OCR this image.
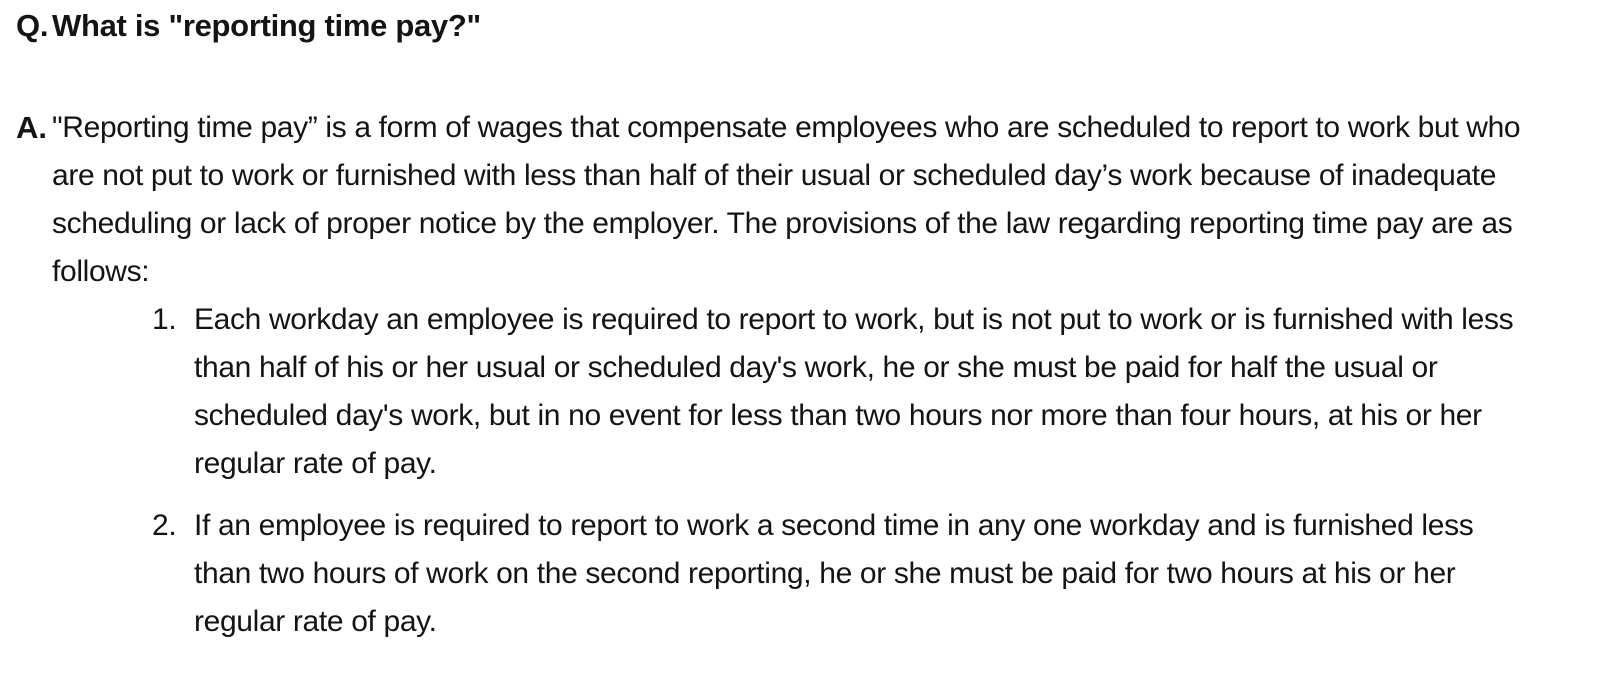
Q. What is "reporting time pay?"
A. "Reporting time pay” is a form of wages that compensate employees who are scheduled to report to work but who are not put to work or furnished with less than half of their usual or scheduled day’s work because of inadequate scheduling or lack of proper notice by the employer. The provisions of the law regarding reporting time pay are as follows:
1. Each workday an employee is required to report to work, but is not put to work or is furnished with less than half of his or her usual or scheduled day's work, he or she must be paid for half the usual or scheduled day's work, but in no event for less than two hours nor more than four hours, at his or her regular rate of pay.
2. If an employee is required to report to work a second time in any one workday and is furnished less than two hours of work on the second reporting, he or she must be paid for two hours at his or her regular rate of pay.
